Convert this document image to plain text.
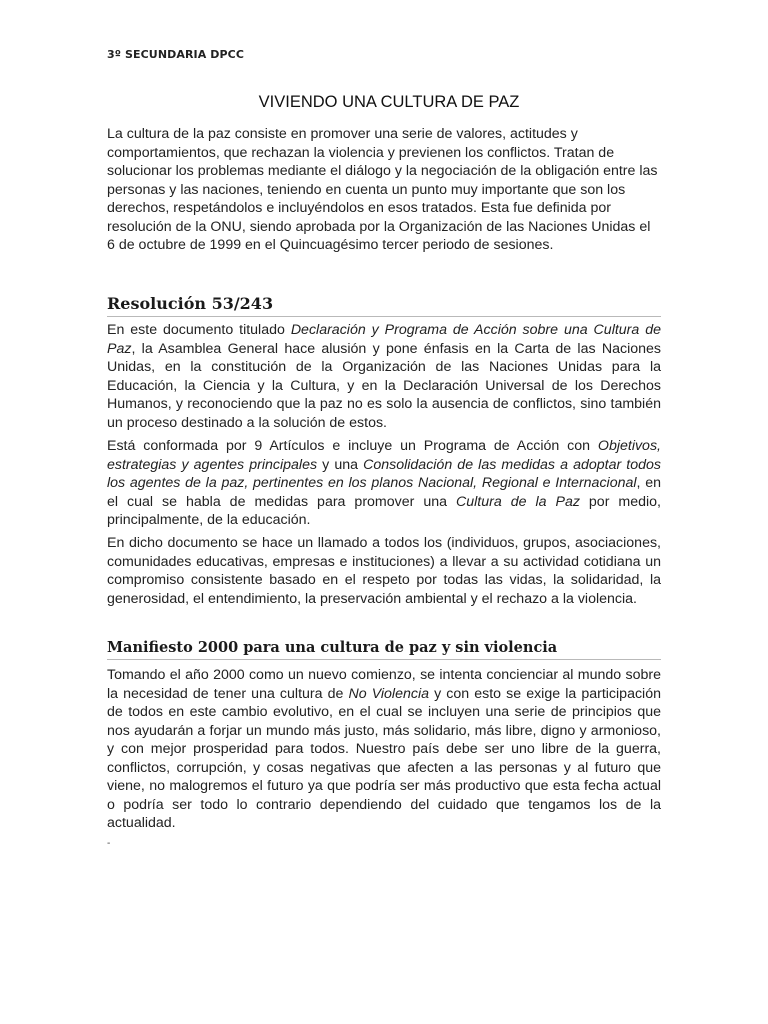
3º SECUNDARIA DPCC
VIVIENDO UNA CULTURA DE PAZ

La cultura de la paz consiste en promover una serie de valores, actitudes y comportamientos, que rechazan la violencia y previenen los conflictos. Tratan de solucionar los problemas mediante el diálogo y la negociación de la obligación entre las personas y las naciones, teniendo en cuenta un punto muy importante que son los derechos, respetándolos e incluyéndolos en esos tratados. Esta fue definida por resolución de la ONU, siendo aprobada por la Organización de las Naciones Unidas el 6 de octubre de 1999 en el Quincuagésimo tercer periodo de sesiones.

Resolución 53/243

En este documento titulado Declaración y Programa de Acción sobre una Cultura de Paz, la Asamblea General hace alusión y pone énfasis en la Carta de las Naciones Unidas, en la constitución de la Organización de las Naciones Unidas para la Educación, la Ciencia y la Cultura, y en la Declaración Universal de los Derechos Humanos, y reconociendo que la paz no es solo la ausencia de conflictos, sino también un proceso destinado a la solución de estos.

Está conformada por 9 Artículos e incluye un Programa de Acción con Objetivos, estrategias y agentes principales y una Consolidación de las medidas a adoptar todos los agentes de la paz, pertinentes en los planos Nacional, Regional e Internacional, en el cual se habla de medidas para promover una Cultura de la Paz por medio, principalmente, de la educación.

En dicho documento se hace un llamado a todos los (individuos, grupos, asociaciones, comunidades educativas, empresas e instituciones) a llevar a su actividad cotidiana un compromiso consistente basado en el respeto por todas las vidas, la solidaridad, la generosidad, el entendimiento, la preservación ambiental y el rechazo a la violencia.

Manifiesto 2000 para una cultura de paz y sin violencia

Tomando el año 2000 como un nuevo comienzo, se intenta concienciar al mundo sobre la necesidad de tener una cultura de No Violencia y con esto se exige la participación de todos en este cambio evolutivo, en el cual se incluyen una serie de principios que nos ayudarán a forjar un mundo más justo, más solidario, más libre, digno y armonioso, y con mejor prosperidad para todos. Nuestro país debe ser uno libre de la guerra, conflictos, corrupción, y cosas negativas que afecten a las personas y al futuro que viene, no malogremos el futuro ya que podría ser más productivo que esta fecha actual o podría ser todo lo contrario dependiendo del cuidado que tengamos los de la actualidad.

-
